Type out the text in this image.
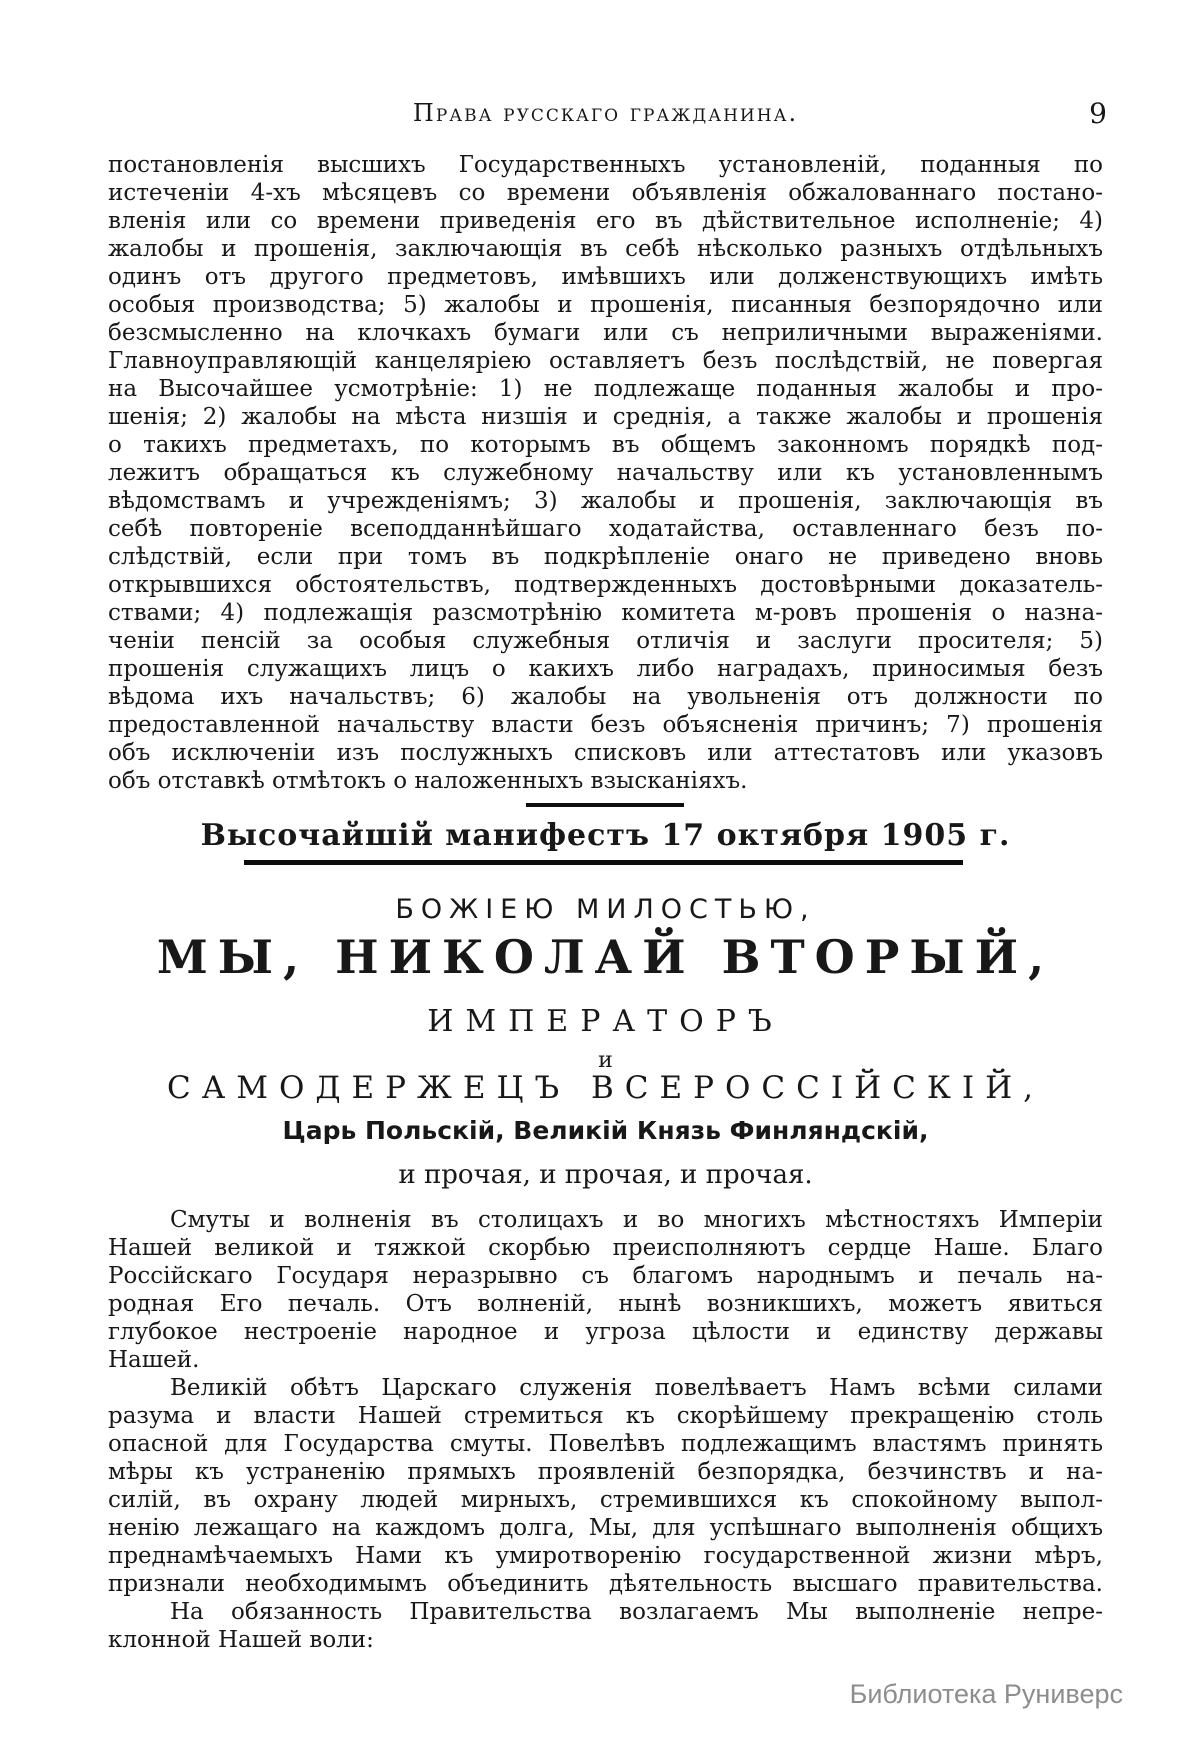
Права русскаго гражданина.	9
постановленія высшихъ Государственныхъ установленій, поданныя по
истеченіи 4-хъ мѣсяцевъ со времени объявленія обжалованнаго постано-
вленія или со времени приведенія его въ дѣйствительное исполненіе; 4)
жалобы и прошенія, заключающія въ себѣ нѣсколько разныхъ отдѣльныхъ
одинъ отъ другого предметовъ, имѣвшихъ или долженствующихъ имѣть
особыя производства; 5) жалобы и прошенія, писанныя безпорядочно или
безсмысленно на клочкахъ бумаги или съ неприличными выраженіями.
Главноуправляющій канцеляріею оставляетъ безъ послѣдствій, не повергая
на Высочайшее усмотрѣніе: 1) не подлежаще поданныя жалобы и про-
шенія; 2) жалобы на мѣста низшія и среднія, а также жалобы и прошенія
о такихъ предметахъ, по которымъ въ общемъ законномъ порядкѣ под-
лежитъ обращаться къ служебному начальству или къ установленнымъ
вѣдомствамъ и учрежденіямъ; 3) жалобы и прошенія, заключающія въ
себѣ повтореніе всеподданнѣйшаго ходатайства, оставленнаго безъ по-
слѣдствій, если при томъ въ подкрѣпленіе онаго не приведено вновь
открывшихся обстоятельствъ, подтвержденныхъ достовѣрными доказатель-
ствами; 4) подлежащія разсмотрѣнію комитета м-ровъ прошенія о назна-
ченіи пенсій за особыя служебныя отличія и заслуги просителя; 5)
прошенія служащихъ лицъ о какихъ либо наградахъ, приносимыя безъ
вѣдома ихъ начальствъ; 6) жалобы на увольненія отъ должности по
предоставленной начальству власти безъ объясненія причинъ; 7) прошенія
объ исключеніи изъ послужныхъ списковъ или аттестатовъ или указовъ
объ отставкѣ отмѣтокъ о наложенныхъ взысканіяхъ.
Высочайшій манифестъ 17 октября 1905 г.
БОЖІЕЮ МИЛОСТЬЮ,
МЫ, НИКОЛАЙ ВТОРЫЙ,
ИМПЕРАТОРЪ
и
САМОДЕРЖЕЦЪ ВСЕРОССІЙСКІЙ,
Царь Польскій, Великій Князь Финляндскій,
и прочая, и прочая, и прочая.
Смуты и волненія въ столицахъ и во многихъ мѣстностяхъ Имперіи
Нашей великой и тяжкой скорбью преисполняютъ сердце Наше. Благо
Россійскаго Государя неразрывно съ благомъ народнымъ и печаль на-
родная Его печаль. Отъ волненій, нынѣ возникшихъ, можетъ явиться
глубокое нестроеніе народное и угроза цѣлости и единству державы
Нашей.
Великій обѣтъ Царскаго служенія повелѣваетъ Намъ всѣми силами
разума и власти Нашей стремиться къ скорѣйшему прекращенію столь
опасной для Государства смуты. Повелѣвъ подлежащимъ властямъ принять
мѣры къ устраненію прямыхъ проявленій безпорядка, безчинствъ и на-
силій, въ охрану людей мирныхъ, стремившихся къ спокойному выпол-
ненію лежащаго на каждомъ долга, Мы, для успѣшнаго выполненія общихъ
преднамѣчаемыхъ Нами къ умиротворенію государственной жизни мѣръ,
признали необходимымъ объединить дѣятельность высшаго правительства.
На обязанность Правительства возлагаемъ Мы выполненіе непре-
клонной Нашей воли:
Библиотека Руниверс
